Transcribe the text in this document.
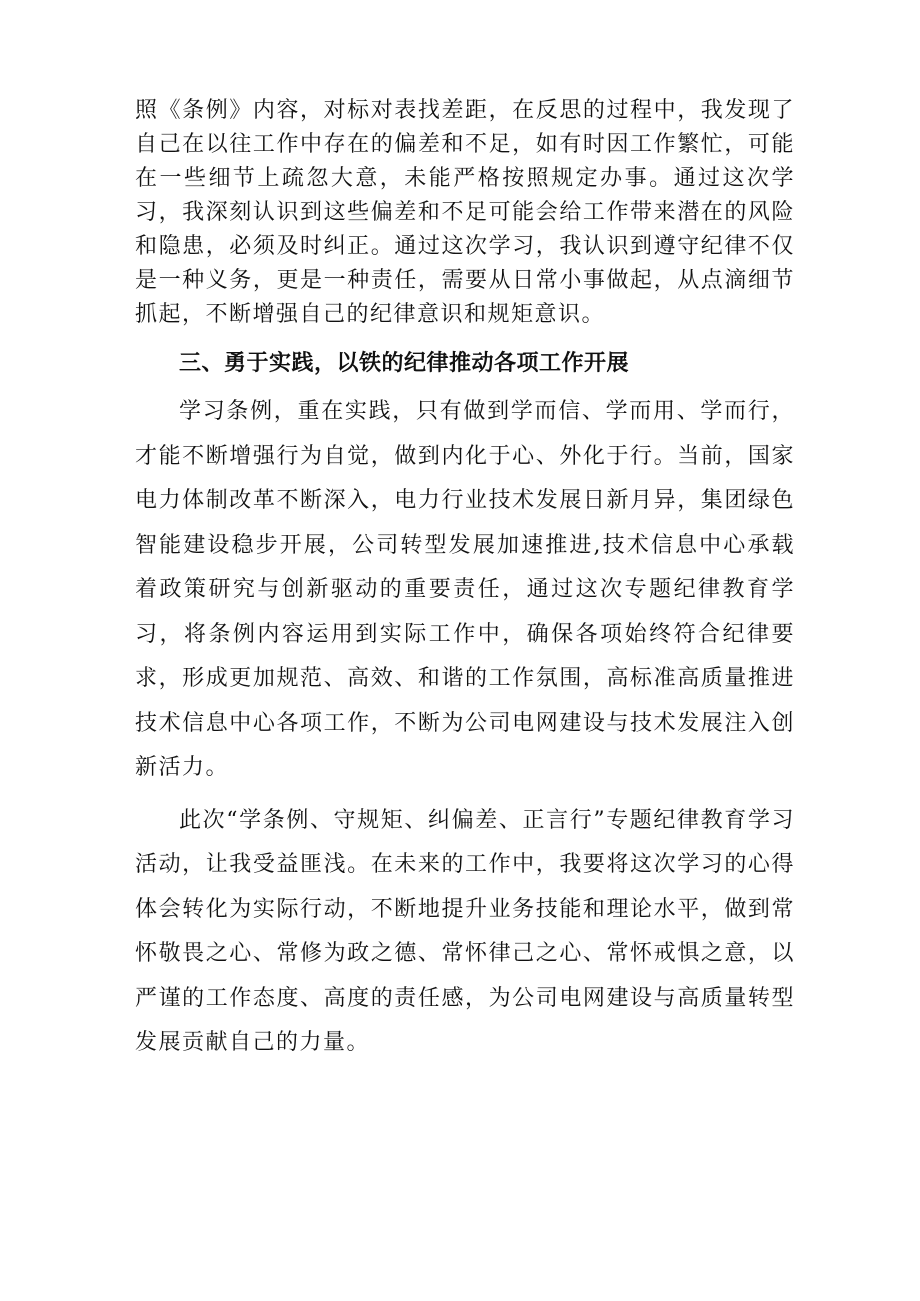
照《条例》内容，对标对表找差距，在反思的过程中，我发现了自己在以往工作中存在的偏差和不足，如有时因工作繁忙，可能在一些细节上疏忽大意，未能严格按照规定办事。通过这次学习，我深刻认识到这些偏差和不足可能会给工作带来潜在的风险和隐患，必须及时纠正。通过这次学习，我认识到遵守纪律不仅是一种义务，更是一种责任，需要从日常小事做起，从点滴细节抓起，不断增强自己的纪律意识和规矩意识。

三、勇于实践，以铁的纪律推动各项工作开展

学习条例，重在实践，只有做到学而信、学而用、学而行，才能不断增强行为自觉，做到内化于心、外化于行。当前，国家电力体制改革不断深入，电力行业技术发展日新月异，集团绿色智能建设稳步开展，公司转型发展加速推进,技术信息中心承载着政策研究与创新驱动的重要责任，通过这次专题纪律教育学习，将条例内容运用到实际工作中，确保各项始终符合纪律要求，形成更加规范、高效、和谐的工作氛围，高标准高质量推进技术信息中心各项工作，不断为公司电网建设与技术发展注入创新活力。

此次“学条例、守规矩、纠偏差、正言行”专题纪律教育学习活动，让我受益匪浅。在未来的工作中，我要将这次学习的心得体会转化为实际行动，不断地提升业务技能和理论水平，做到常怀敬畏之心、常修为政之德、常怀律己之心、常怀戒惧之意，以严谨的工作态度、高度的责任感，为公司电网建设与高质量转型发展贡献自己的力量。
